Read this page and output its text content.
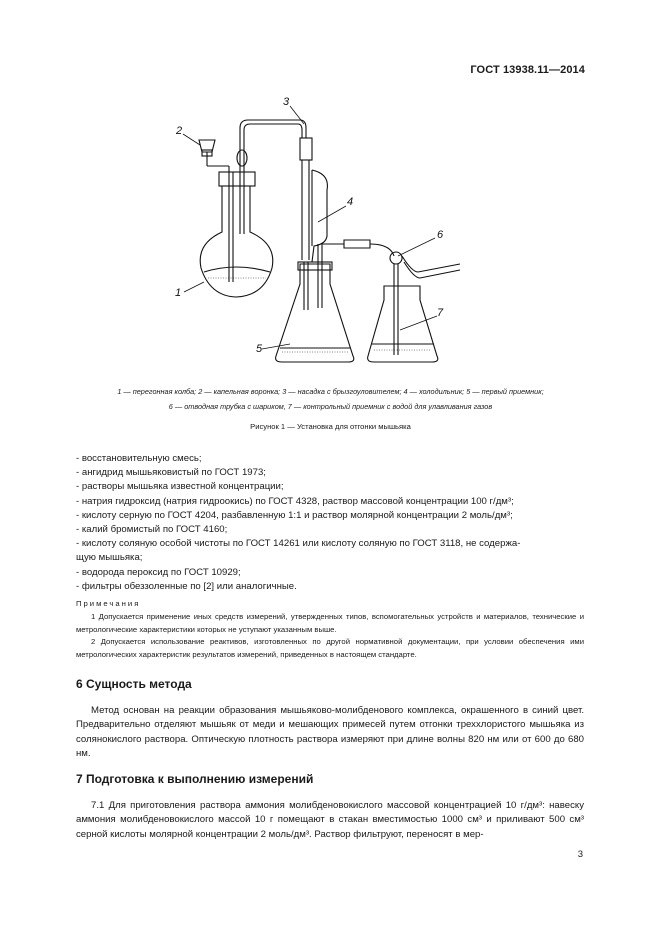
ГОСТ 13938.11—2014
1
2
3
4
5
6
7
1 — перегонная колба; 2 — капельная воронка; 3 — насадка с брызгоуловителем; 4 — холодильник; 5 — первый приемник;
6 — отводная трубка с шариком, 7 — контрольный приемник с водой для улавливания газов
Рисунок 1 — Установка для отгонки мышьяка
- восстановительную смесь;
- ангидрид мышьяковистый по ГОСТ 1973;
- растворы мышьяка известной концентрации;
- натрия гидроксид (натрия гидроокись) по ГОСТ 4328, раствор массовой концентрации 100 г/дм³;
- кислоту серную по ГОСТ 4204, разбавленную 1:1 и раствор молярной концентрации 2 моль/дм³;
- калий бромистый по ГОСТ 4160;
- кислоту соляную особой чистоты по ГОСТ 14261 или кислоту соляную по ГОСТ 3118, не содержа-
щую мышьяка;
- водорода пероксид по ГОСТ 10929;
- фильтры обеззоленные по [2] или аналогичные.
Примечания
1 Допускается применение иных средств измерений, утвержденных типов, вспомогательных устройств и материалов, технические и метрологические характеристики которых не уступают указанным выше.
2 Допускается использование реактивов, изготовленных по другой нормативной документации, при условии обеспечения ими метрологических характеристик результатов измерений, приведенных в настоящем стандарте.
6 Сущность метода
Метод основан на реакции образования мышьяково-молибденового комплекса, окрашенного в синий цвет. Предварительно отделяют мышьяк от меди и мешающих примесей путем отгонки треххлористого мышьяка из солянокислого раствора. Оптическую плотность раствора измеряют при длине волны 820 нм или от 600 до 680 нм.
7 Подготовка к выполнению измерений
7.1 Для приготовления раствора аммония молибденовокислого массовой концентрацией 10 г/дм³: навеску аммония молибденовокислого массой 10 г помещают в стакан вместимостью 1000 см³ и приливают 500 см³ серной кислоты молярной концентрации 2 моль/дм³. Раствор фильтруют, переносят в мер-
3
